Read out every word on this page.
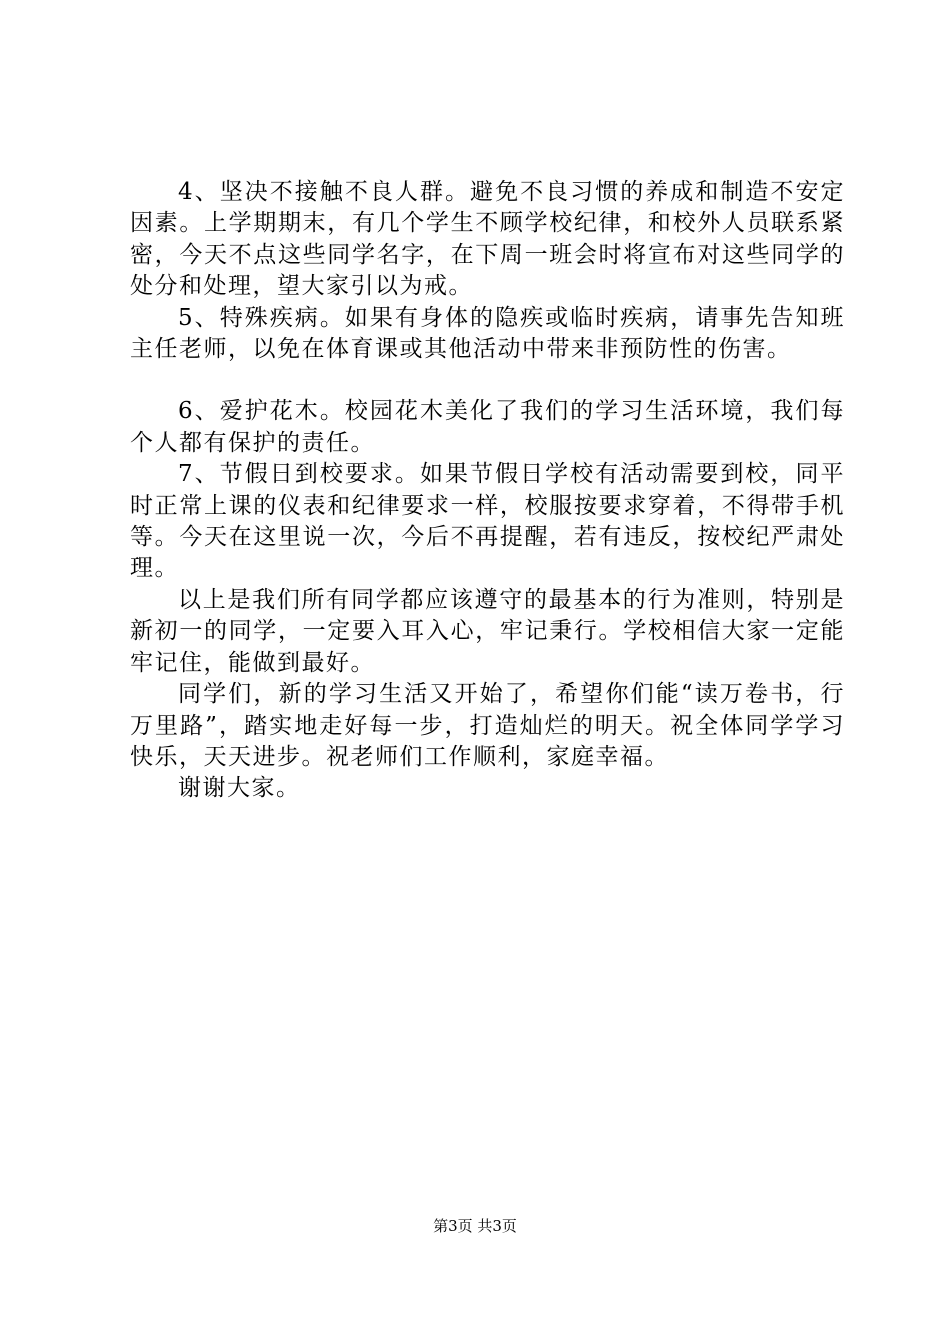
4、坚决不接触不良人群。避免不良习惯的养成和制造不安定因素。上学期期末，有几个学生不顾学校纪律，和校外人员联系紧密，今天不点这些同学名字，在下周一班会时将宣布对这些同学的处分和处理，望大家引以为戒。

5、特殊疾病。如果有身体的隐疾或临时疾病，请事先告知班主任老师，以免在体育课或其他活动中带来非预防性的伤害。

6、爱护花木。校园花木美化了我们的学习生活环境，我们每个人都有保护的责任。

7、节假日到校要求。如果节假日学校有活动需要到校，同平时正常上课的仪表和纪律要求一样，校服按要求穿着，不得带手机等。今天在这里说一次，今后不再提醒，若有违反，按校纪严肃处理。

以上是我们所有同学都应该遵守的最基本的行为准则，特别是新初一的同学，一定要入耳入心，牢记秉行。学校相信大家一定能牢记住，能做到最好。

同学们，新的学习生活又开始了，希望你们能“读万卷书，行万里路”，踏实地走好每一步，打造灿烂的明天。祝全体同学学习快乐，天天进步。祝老师们工作顺利，家庭幸福。

谢谢大家。

第3页 共3页
